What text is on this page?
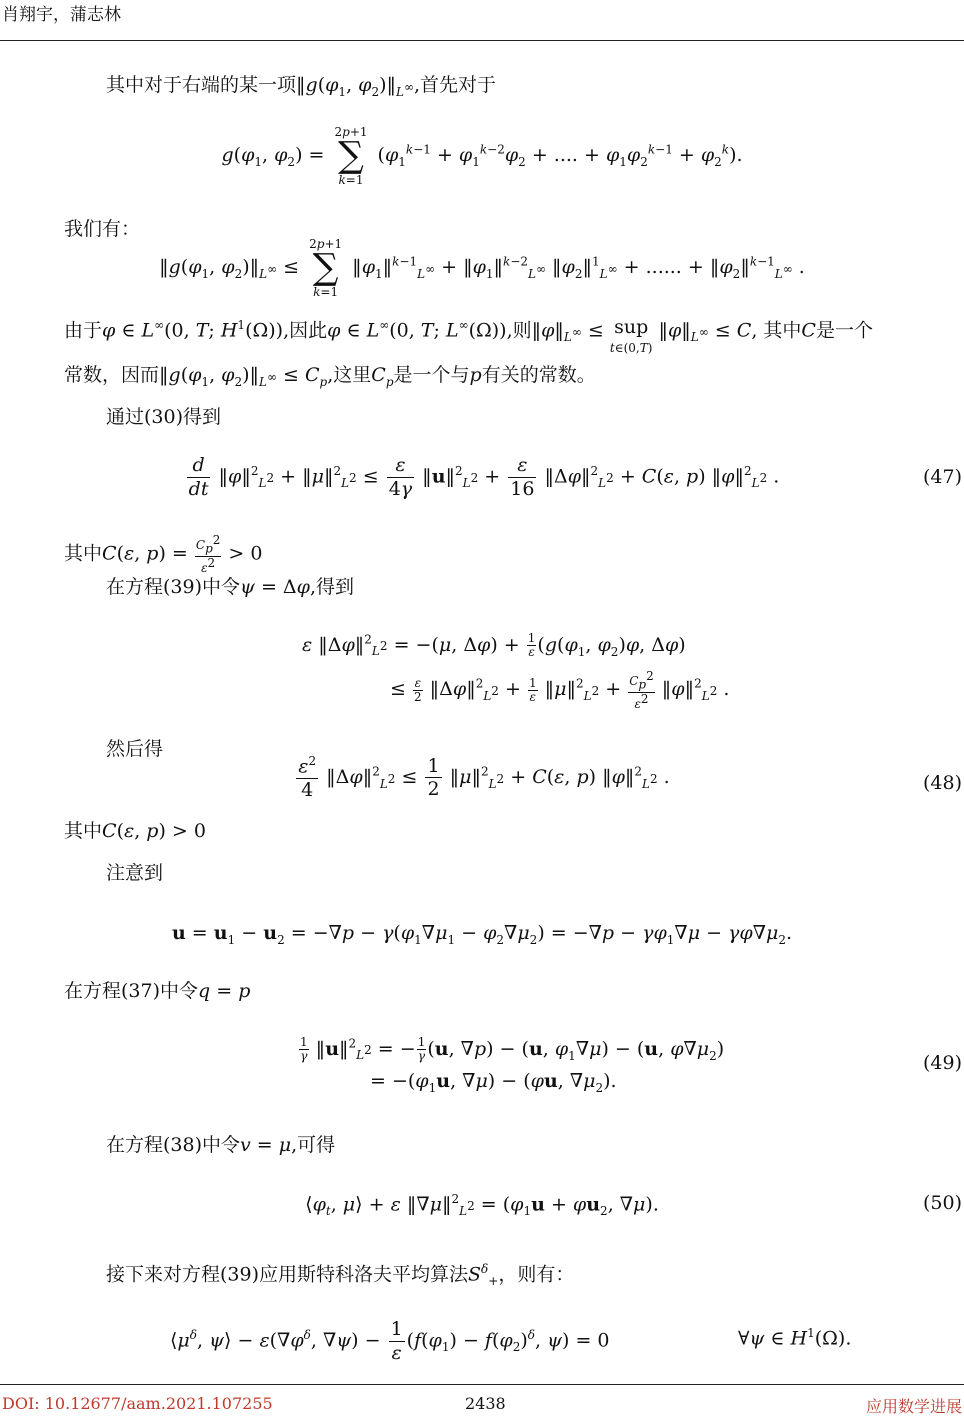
肖翔宇，蒲志林
其中对于右端的某一项$‖g(\varphi_1$, $\varphi_2)‖_{L^\infty}$,首先对于
$g(\varphi_1$, $\varphi_2$) =
2p+1
∑
k=1
($\varphi_1^{k-1} + \varphi_1^{k-2}\varphi_2$ + .... + $\varphi_1\varphi_2^{k-1} + \varphi_2^k$).
我们有：
$‖g(\varphi_1$, $\varphi_2)‖_{L^\infty}$ ≤
2p+1
∑
k=1
$‖\varphi_1‖^{k-1}_{L^\infty}$ + $‖\varphi_1‖^{k-2}_{L^\infty}$ $‖\varphi_2‖^1_{L^\infty}$ + ...... + $‖\varphi_2‖^{k-1}_{L^\infty}$ .
由于φ ∈ L∞(0, T; $H^1(\Omega)$),因此φ ∈ L∞(0, T; L∞(Ω)),则$‖\varphi‖_{L^\infty}$ ≤ sup
t∈(0,T) $‖\varphi‖_{L^\infty} \le C$, 其中C是一个
常数，因而$‖g(\varphi_1$, $\varphi_2)‖_{L^\infty} \le C_p$,这里$C_p$是一个与p有关的常数。
通过(30)得到
$\frac{d}{dt}$ ‖φ‖$^2_{L^2}$ + ‖μ‖$^2_{L^2}$ ≤ $\frac{\varepsilon}{4\gamma}$ ‖u‖$^2_{L^2}$ + $\frac{\varepsilon}{16}$ ‖Δφ‖$^2_{L^2}$ + C(ε, p) ‖φ‖$^2_{L^2}$ .	(47)
其中C(ε, $p) = \frac{C_p^2}{\varepsilon^2} > 0$
在方程(39)中令ψ = Δφ,得到
ε ‖Δφ‖$^2_{L^2}$ = −(μ, $\Delta\varphi) + \frac{1}{\varepsilon} (g(\varphi_1$, $\varphi_2)\varphi$, Δφ)
≤ $\frac{\varepsilon}{2}$ ‖Δφ‖$^2_{L^2}$ + $\frac{1}{\varepsilon}$ ‖μ‖$^2_{L^2}$ + $\frac{C_p^2}{\varepsilon^2}$ ‖φ‖$^2_{L^2}$ .
然后得
$\frac{\varepsilon^2}{4}$ ‖Δφ‖$^2_{L^2}$ ≤ $\frac{1}{2}$ ‖μ‖$^2_{L^2}$ + C(ε, p) ‖φ‖$^2_{L^2}$ .	(48)
其中C(ε, p) > 0
注意到
$u = u_1 - u_2 = -\nabla p - \gamma(\varphi_1\nabla\mu_1 - \varphi_2\nabla\mu_2) = -\nabla p - \gamma\varphi_1\nabla\mu - \gamma\varphi\nabla\mu_2$.
在方程(37)中令q = p
$\frac{1}{\gamma}$ ‖u‖$^2_{L^2}$ = − $\frac{1}{\gamma} (u$, ∇p) − (u, $\varphi_1\nabla\mu) - (u$, $\varphi\nabla\mu_2$)
= $-(\varphi_1u$, ∇μ) − (φu, $\nabla\mu_2$).
(49)
在方程(38)中令v = μ,可得
$⟨\varphi_t$, μ⟩ + ε ‖∇μ‖$^2_{L^2}$ = ($\varphi_1u + \varphi u_2$, ∇μ).	(50)
接下来对方程(39)应用斯特科洛夫平均算法$S^\delta_+$，则有：
$⟨\mu^\delta$, ψ⟩ − $\varepsilon(\nabla\varphi^\delta$, $\nabla\psi) - \frac{1}{\varepsilon} (f(\varphi_1) - f(\varphi_2)^\delta$, ψ) = 0	∀ψ ∈ $H^1(\Omega)$.
DOI: 10.12677/aam.2021.107255	2438	应用数学进展
